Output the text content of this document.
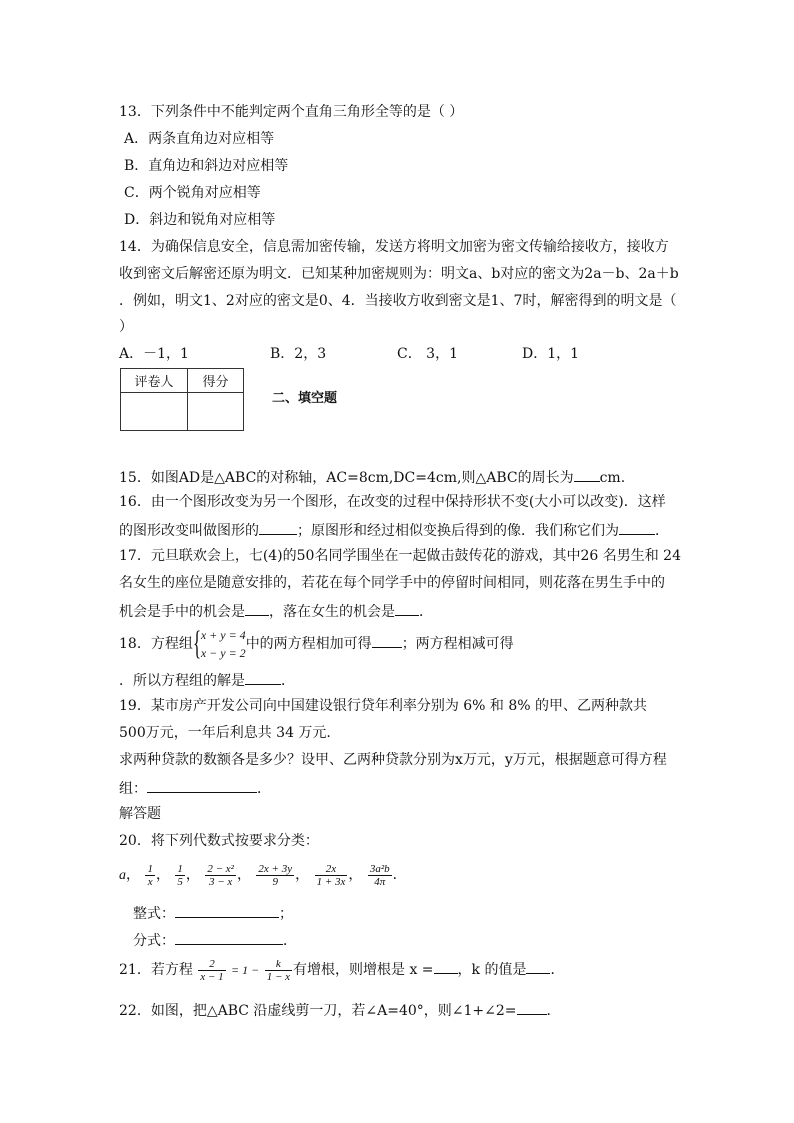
13．下列条件中不能判定两个直角三角形全等的是（ ）
A．两条直角边对应相等
B．直角边和斜边对应相等
C．两个锐角对应相等
D．斜边和锐角对应相等
14．为确保信息安全，信息需加密传输，发送方将明文加密为密文传输给接收方，接收方
收到密文后解密还原为明文．已知某种加密规则为：明文a、b对应的密文为2a－b、2a＋b
．例如，明文1、2对应的密文是0、4．当接收方收到密文是1、7时，解密得到的明文是（
）
A．－1，1	B．2，3	C． 3，1	D．1，1
评卷人	得分

二、填空题
15．如图AD是△ABC的对称轴，AC=8cm,DC=4cm,则△ABC的周长为 cm.
16．由一个图形改变为另一个图形，在改变的过程中保持形状不变(大小可以改变)．这样
的图形改变叫做图形的	；原图形和经过相似变换后得到的像．我们称它们为	．
17．元旦联欢会上，七(4)的50名同学围坐在一起做击鼓传花的游戏，其中26 名男生和 24
名女生的座位是随意安排的，若花在每个同学手中的停留时间相同，则花落在男生手中的
机会是手中的机会是 ，落在女生的机会是 ．
18．方程组 { x + y = 4
x − y = 2
中的两方程相加可得 ；两方程相减可得
．所以方程组的解是	．
19．某市房产开发公司向中国建设银行贷年利率分别为 6% 和 8% 的甲、乙两种款共
500万元，一年后利息共 34 万元.
求两种贷款的数额各是多少？设甲、乙两种贷款分别为x万元，y万元，根据题意可得方程
组：	．
解答题
20．将下列代数式按要求分类：
a， $\frac{1}{x}$ ， $\frac{1}{5}$ ， $\frac{\text{2 − x²}}{3 - x}$ ， $\frac{2x + 3y}{9}$ ， $\frac{2x}{1 + 3x}$ ， $\frac{\text{3a²b}}{4\pi}$ ．
整式：	；
分式：	．
21．若方程 $\frac{2}{x - 1} = 1 - \frac{k}{1 - x}$ 有增根，则增根是 x = ，k 的值是 ．
22．如图，把△ABC 沿虚线剪一刀，若∠A=40°，则∠1+∠2= ．
